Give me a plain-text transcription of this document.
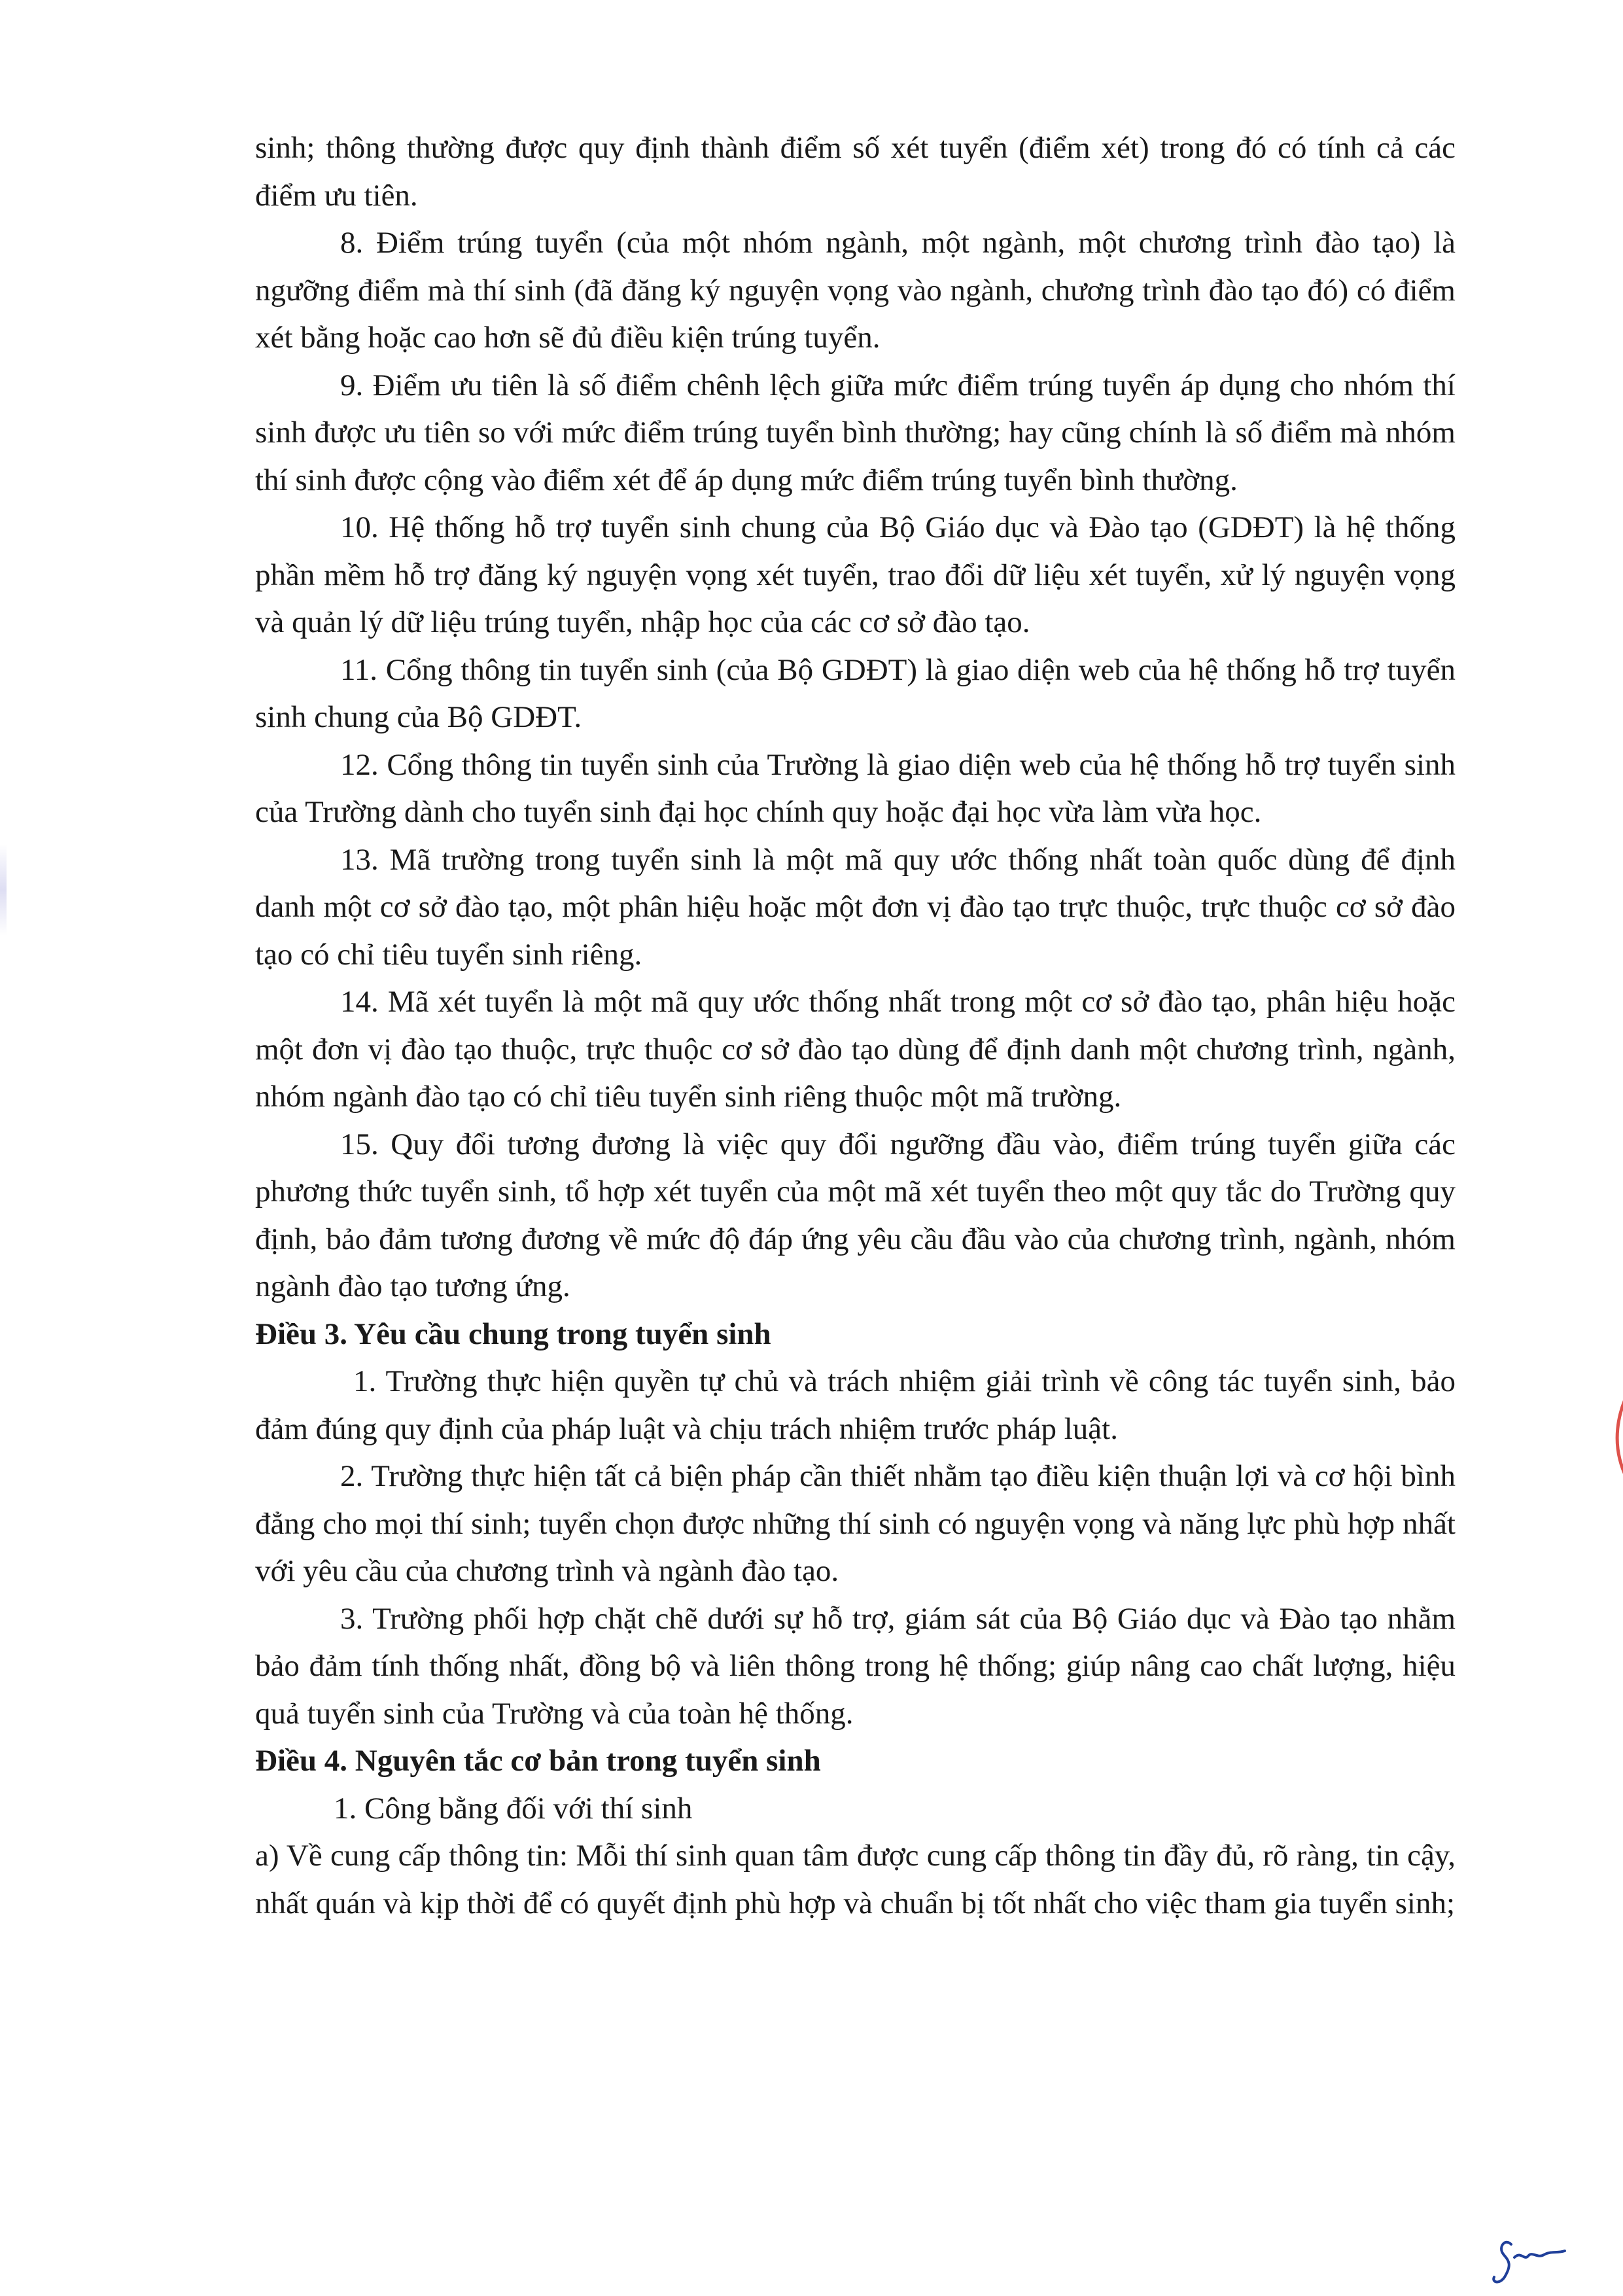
sinh; thông thường được quy định thành điểm số xét tuyển (điểm xét) trong đó có tính cả các điểm ưu tiên.

8. Điểm trúng tuyển (của một nhóm ngành, một ngành, một chương trình đào tạo) là ngưỡng điểm mà thí sinh (đã đăng ký nguyện vọng vào ngành, chương trình đào tạo đó) có điểm xét bằng hoặc cao hơn sẽ đủ điều kiện trúng tuyển.

9. Điểm ưu tiên là số điểm chênh lệch giữa mức điểm trúng tuyển áp dụng cho nhóm thí sinh được ưu tiên so với mức điểm trúng tuyển bình thường; hay cũng chính là số điểm mà nhóm thí sinh được cộng vào điểm xét để áp dụng mức điểm trúng tuyển bình thường.

10. Hệ thống hỗ trợ tuyển sinh chung của Bộ Giáo dục và Đào tạo (GDĐT) là hệ thống phần mềm hỗ trợ đăng ký nguyện vọng xét tuyển, trao đổi dữ liệu xét tuyển, xử lý nguyện vọng và quản lý dữ liệu trúng tuyển, nhập học của các cơ sở đào tạo.

11. Cổng thông tin tuyển sinh (của Bộ GDĐT) là giao diện web của hệ thống hỗ trợ tuyển sinh chung của Bộ GDĐT.

12. Cổng thông tin tuyển sinh của Trường là giao diện web của hệ thống hỗ trợ tuyển sinh của Trường dành cho tuyển sinh đại học chính quy hoặc đại học vừa làm vừa học.

13. Mã trường trong tuyển sinh là một mã quy ước thống nhất toàn quốc dùng để định danh một cơ sở đào tạo, một phân hiệu hoặc một đơn vị đào tạo trực thuộc, trực thuộc cơ sở đào tạo có chỉ tiêu tuyển sinh riêng.

14. Mã xét tuyển là một mã quy ước thống nhất trong một cơ sở đào tạo, phân hiệu hoặc một đơn vị đào tạo thuộc, trực thuộc cơ sở đào tạo dùng để định danh một chương trình, ngành, nhóm ngành đào tạo có chỉ tiêu tuyển sinh riêng thuộc một mã trường.

15. Quy đổi tương đương là việc quy đổi ngưỡng đầu vào, điểm trúng tuyển giữa các phương thức tuyển sinh, tổ hợp xét tuyển của một mã xét tuyển theo một quy tắc do Trường quy định, bảo đảm tương đương về mức độ đáp ứng yêu cầu đầu vào của chương trình, ngành, nhóm ngành đào tạo tương ứng.

Điều 3. Yêu cầu chung trong tuyển sinh

1. Trường thực hiện quyền tự chủ và trách nhiệm giải trình về công tác tuyển sinh, bảo đảm đúng quy định của pháp luật và chịu trách nhiệm trước pháp luật.

2. Trường thực hiện tất cả biện pháp cần thiết nhằm tạo điều kiện thuận lợi và cơ hội bình đẳng cho mọi thí sinh; tuyển chọn được những thí sinh có nguyện vọng và năng lực phù hợp nhất với yêu cầu của chương trình và ngành đào tạo.

3. Trường phối hợp chặt chẽ dưới sự hỗ trợ, giám sát của Bộ Giáo dục và Đào tạo nhằm bảo đảm tính thống nhất, đồng bộ và liên thông trong hệ thống; giúp nâng cao chất lượng, hiệu quả tuyển sinh của Trường và của toàn hệ thống.

Điều 4. Nguyên tắc cơ bản trong tuyển sinh

1. Công bằng đối với thí sinh

a) Về cung cấp thông tin: Mỗi thí sinh quan tâm được cung cấp thông tin đầy đủ, rõ ràng, tin cậy, nhất quán và kịp thời để có quyết định phù hợp và chuẩn bị tốt nhất cho việc tham gia tuyển sinh;
